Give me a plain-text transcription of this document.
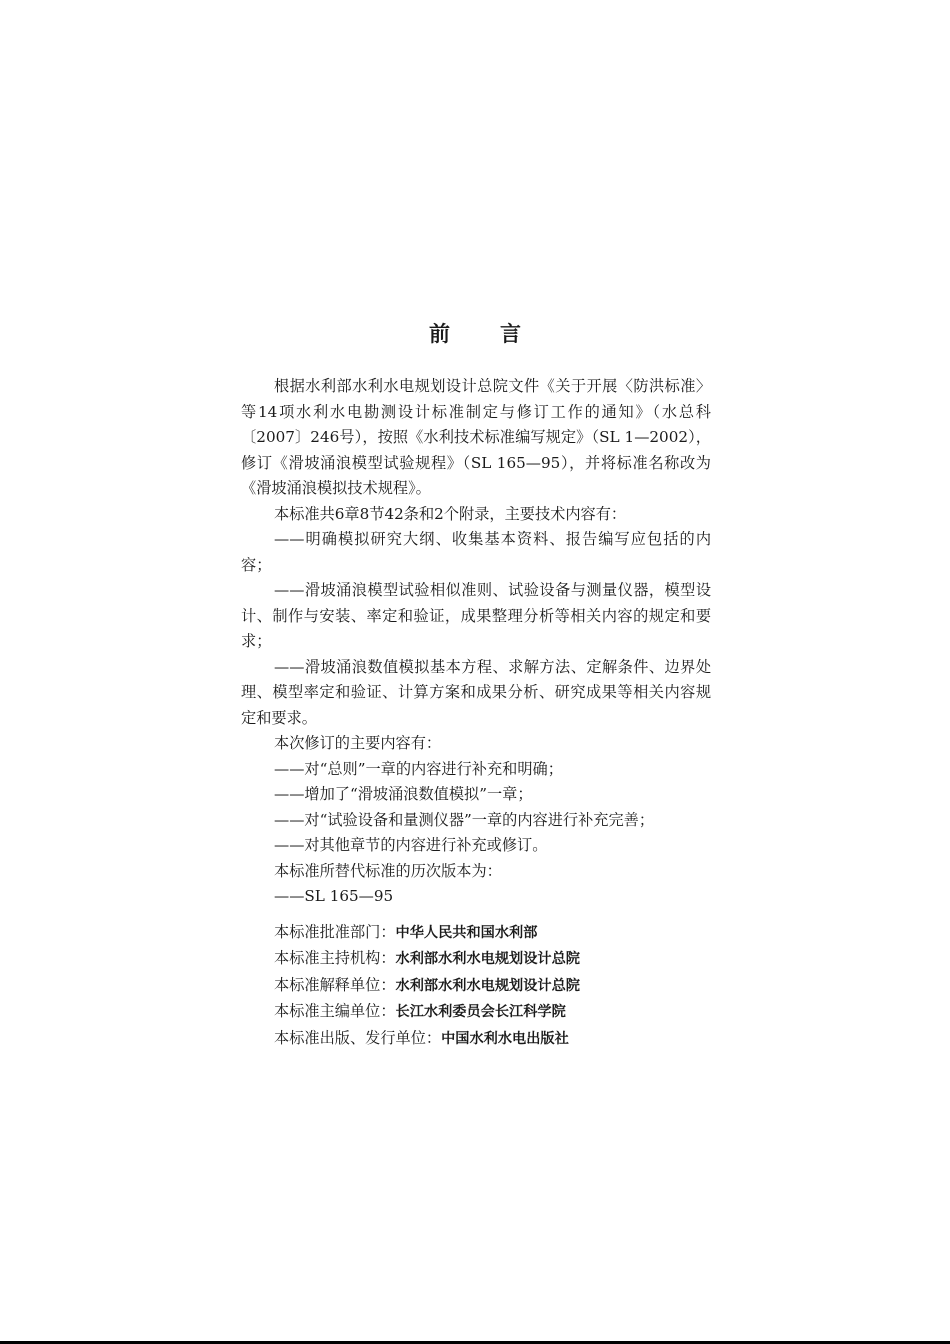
前 言

根据水利部水利水电规划设计总院文件《关于开展〈防洪标准〉等14项水利水电勘测设计标准制定与修订工作的通知》（水总科〔2007〕246号），按照《水利技术标准编写规定》（SL 1—2002），修订《滑坡涌浪模型试验规程》（SL 165—95），并将标准名称改为《滑坡涌浪模拟技术规程》。

本标准共6章8节42条和2个附录，主要技术内容有：

——明确模拟研究大纲、收集基本资料、报告编写应包括的内容；

——滑坡涌浪模型试验相似准则、试验设备与测量仪器，模型设计、制作与安装、率定和验证，成果整理分析等相关内容的规定和要求；

——滑坡涌浪数值模拟基本方程、求解方法、定解条件、边界处理、模型率定和验证、计算方案和成果分析、研究成果等相关内容规定和要求。

本次修订的主要内容有：

——对“总则”一章的内容进行补充和明确；

——增加了“滑坡涌浪数值模拟”一章；

——对“试验设备和量测仪器”一章的内容进行补充完善；

——对其他章节的内容进行补充或修订。

本标准所替代标准的历次版本为：

——SL 165—95

本标准批准部门：中华人民共和国水利部

本标准主持机构：水利部水利水电规划设计总院

本标准解释单位：水利部水利水电规划设计总院

本标准主编单位：长江水利委员会长江科学院

本标准出版、发行单位：中国水利水电出版社
